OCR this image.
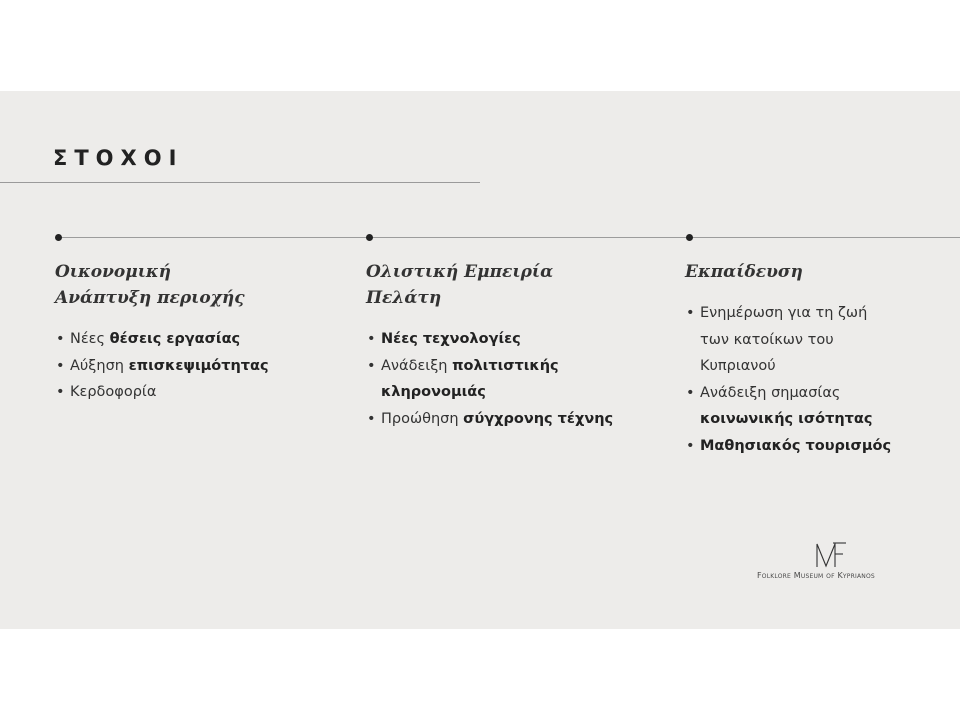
ΣΤΟΧΟΙ
Οικονομική
Ανάπτυξη περιοχής
• Νέες θέσεις εργασίας
• Αύξηση επισκεψιμότητας
• Κερδοφορία
Ολιστική Εμπειρία
Πελάτη
• Νέες τεχνολογίες
• Ανάδειξη πολιτιστικής
κληρονομιάς
• Προώθηση σύγχρονης τέχνης
Εκπαίδευση
• Ενημέρωση για τη ζωή
των κατοίκων του
Κυπριανού
• Ανάδειξη σημασίας
κοινωνικής ισότητας
• Μαθησιακός τουρισμός
Folklore Museum of Kyprianos
